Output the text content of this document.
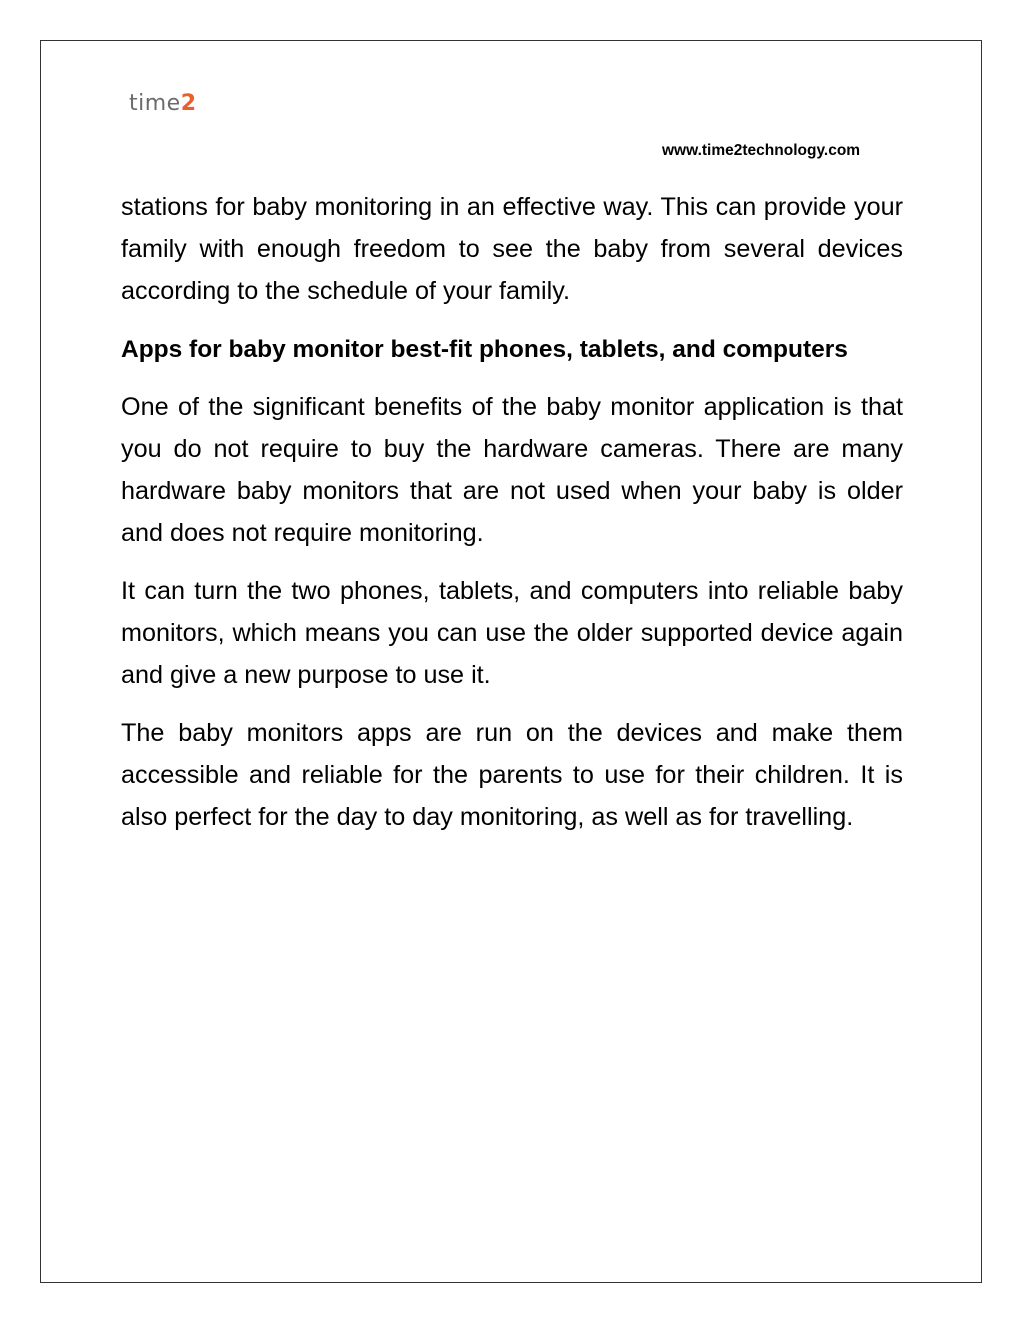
time 2
www.time2technology.com

stations for baby monitoring in an effective way. This can provide your family with enough freedom to see the baby from several devices according to the schedule of your family.

Apps for baby monitor best-fit phones, tablets, and computers

One of the significant benefits of the baby monitor application is that you do not require to buy the hardware cameras. There are many hardware baby monitors that are not used when your baby is older and does not require monitoring.

It can turn the two phones, tablets, and computers into reliable baby monitors, which means you can use the older supported device again and give a new purpose to use it.

The baby monitors apps are run on the devices and make them accessible and reliable for the parents to use for their children. It is also perfect for the day to day monitoring, as well as for travelling.
